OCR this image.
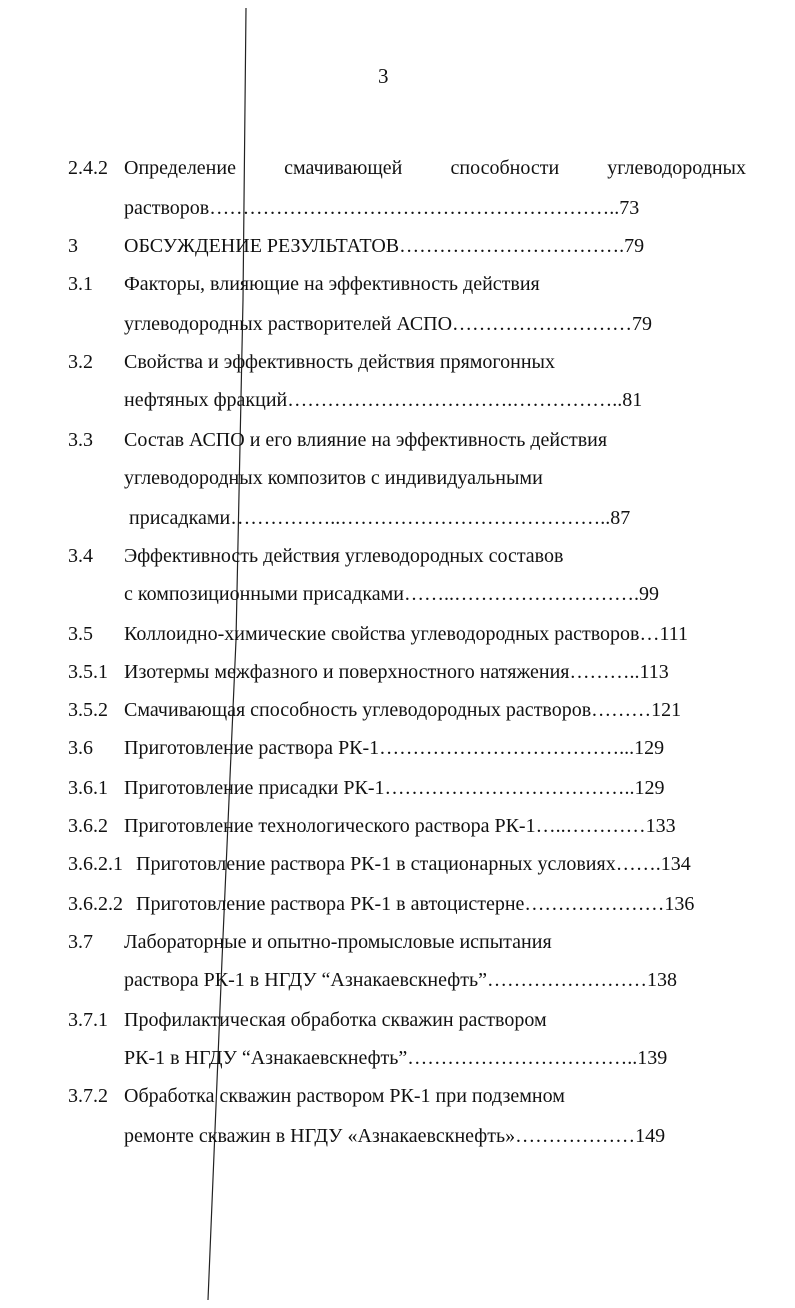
3
2.4.2 Определение  смачивающей  способности  углеводородных
растворов……………………………………………………..73
3 ОБСУЖДЕНИЕ РЕЗУЛЬТАТОВ…………………………….79
3.1 Факторы, влияющие на эффективность действия
углеводородных растворителей АСПО………………………79
3.2 Свойства и эффективность действия прямогонных
нефтяных фракций…………………………….……………..81
3.3 Состав АСПО и его влияние на эффективность действия
углеводородных композитов с индивидуальными
присадками……………..…………………………………..87
3.4 Эффективность действия углеводородных составов
с композиционными присадками……..……………………….99
3.5 Коллоидно-химические свойства углеводородных растворов…111
3.5.1 Изотермы межфазного и поверхностного натяжения………..113
3.5.2 Смачивающая способность углеводородных растворов………121
3.6 Приготовление раствора РК-1………………………………...129
3.6.1 Приготовление присадки РК-1………………………………..129
3.6.2 Приготовление технологического раствора РК-1…..…………133
3.6.2.1 Приготовление раствора РК-1 в стационарных условиях…….134
3.6.2.2 Приготовление раствора РК-1 в автоцистерне…………………136
3.7 Лабораторные и опытно-промысловые испытания
раствора РК-1 в НГДУ “Азнакаевскнефть”……………………138
3.7.1 Профилактическая обработка скважин раствором
РК-1 в НГДУ “Азнакаевскнефть”……………………………..139
3.7.2 Обработка скважин раствором РК-1 при подземном
ремонте скважин в НГДУ «Азнакаевскнефть»………………149
